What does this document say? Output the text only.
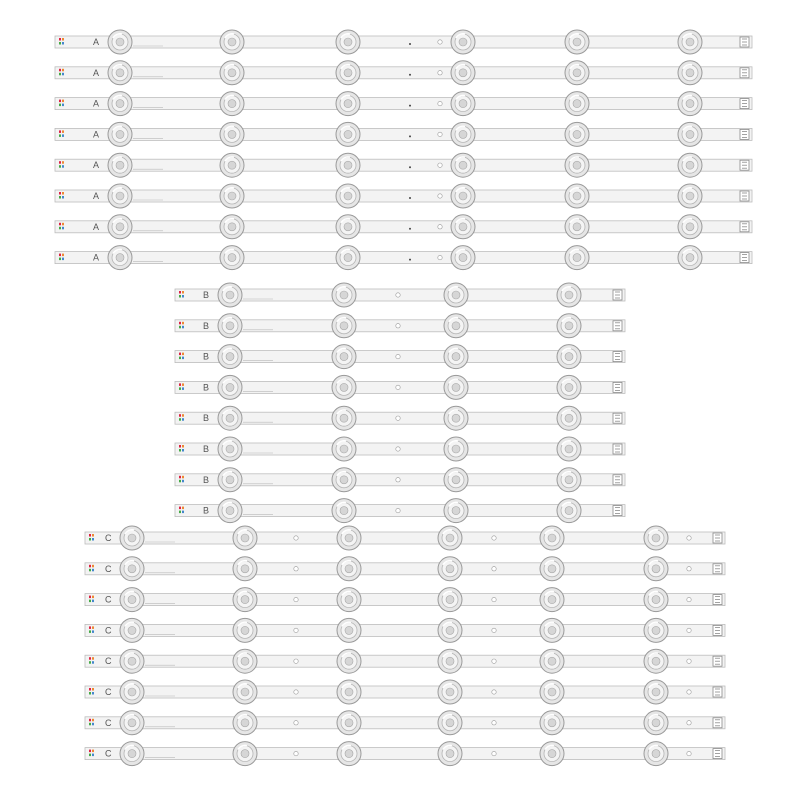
A
A
A
A
A
A
A
A
B
B
B
B
B
B
B
B
C
C
C
C
C
C
C
C
